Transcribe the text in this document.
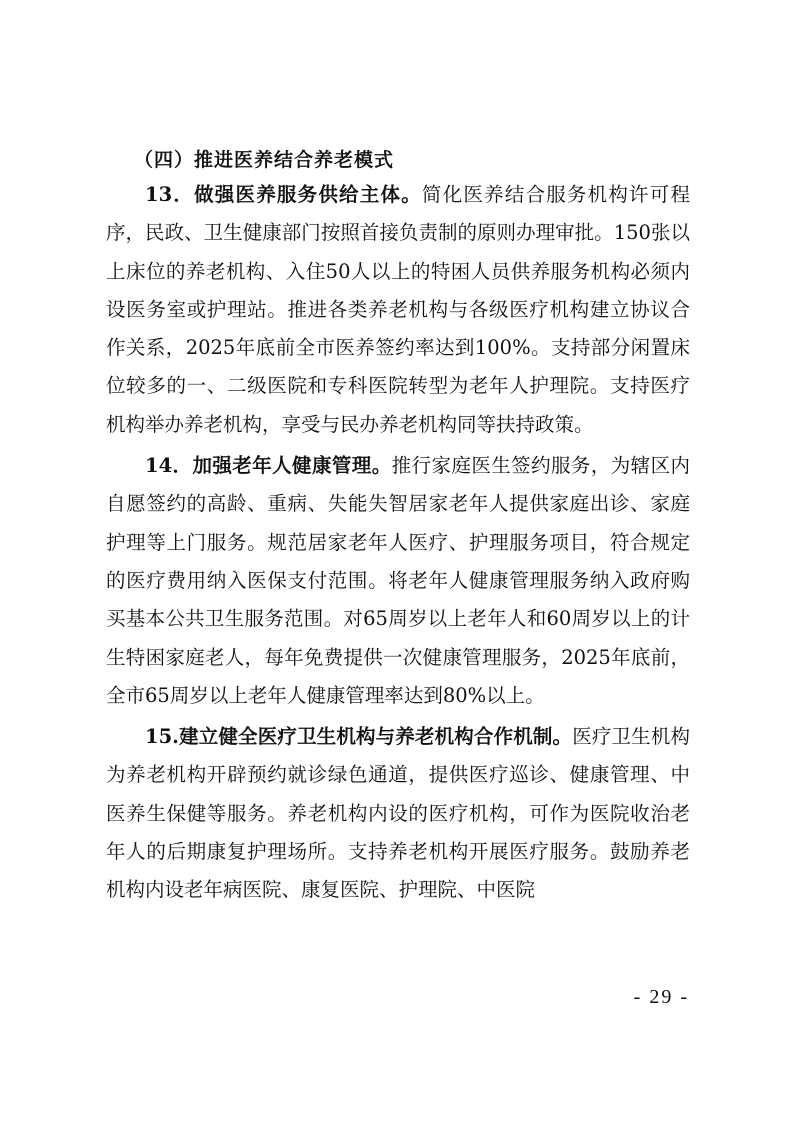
（四）推进医养结合养老模式

13．做强医养服务供给主体。简化医养结合服务机构许可程序，民政、卫生健康部门按照首接负责制的原则办理审批。150张以上床位的养老机构、入住50人以上的特困人员供养服务机构必须内设医务室或护理站。推进各类养老机构与各级医疗机构建立协议合作关系，2025年底前全市医养签约率达到100%。支持部分闲置床位较多的一、二级医院和专科医院转型为老年人护理院。支持医疗机构举办养老机构，享受与民办养老机构同等扶持政策。

14．加强老年人健康管理。推行家庭医生签约服务，为辖区内自愿签约的高龄、重病、失能失智居家老年人提供家庭出诊、家庭护理等上门服务。规范居家老年人医疗、护理服务项目，符合规定的医疗费用纳入医保支付范围。将老年人健康管理服务纳入政府购买基本公共卫生服务范围。对65周岁以上老年人和60周岁以上的计生特困家庭老人，每年免费提供一次健康管理服务，2025年底前，全市65周岁以上老年人健康管理率达到80%以上。

15.建立健全医疗卫生机构与养老机构合作机制。医疗卫生机构为养老机构开辟预约就诊绿色通道，提供医疗巡诊、健康管理、中医养生保健等服务。养老机构内设的医疗机构，可作为医院收治老年人的后期康复护理场所。支持养老机构开展医疗服务。鼓励养老机构内设老年病医院、康复医院、护理院、中医院

- 29 -
